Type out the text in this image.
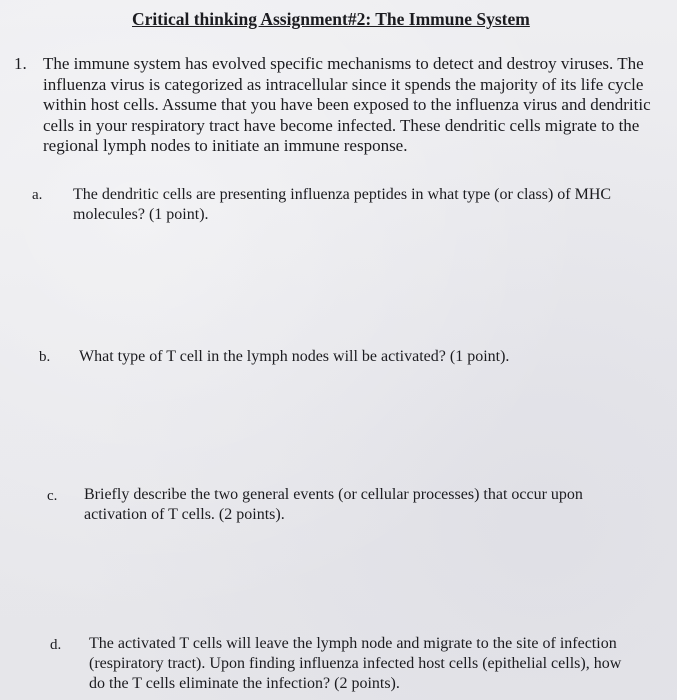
Critical thinking Assignment#2: The Immune System
1. The immune system has evolved specific mechanisms to detect and destroy viruses. The
influenza virus is categorized as intracellular since it spends the majority of its life cycle
within host cells. Assume that you have been exposed to the influenza virus and dendritic
cells in your respiratory tract have become infected. These dendritic cells migrate to the
regional lymph nodes to initiate an immune response.
a. The dendritic cells are presenting influenza peptides in what type (or class) of MHC
molecules? (1 point).
b. What type of T cell in the lymph nodes will be activated? (1 point).
c. Briefly describe the two general events (or cellular processes) that occur upon
activation of T cells. (2 points).
d. The activated T cells will leave the lymph node and migrate to the site of infection
(respiratory tract). Upon finding influenza infected host cells (epithelial cells), how
do the T cells eliminate the infection? (2 points).
